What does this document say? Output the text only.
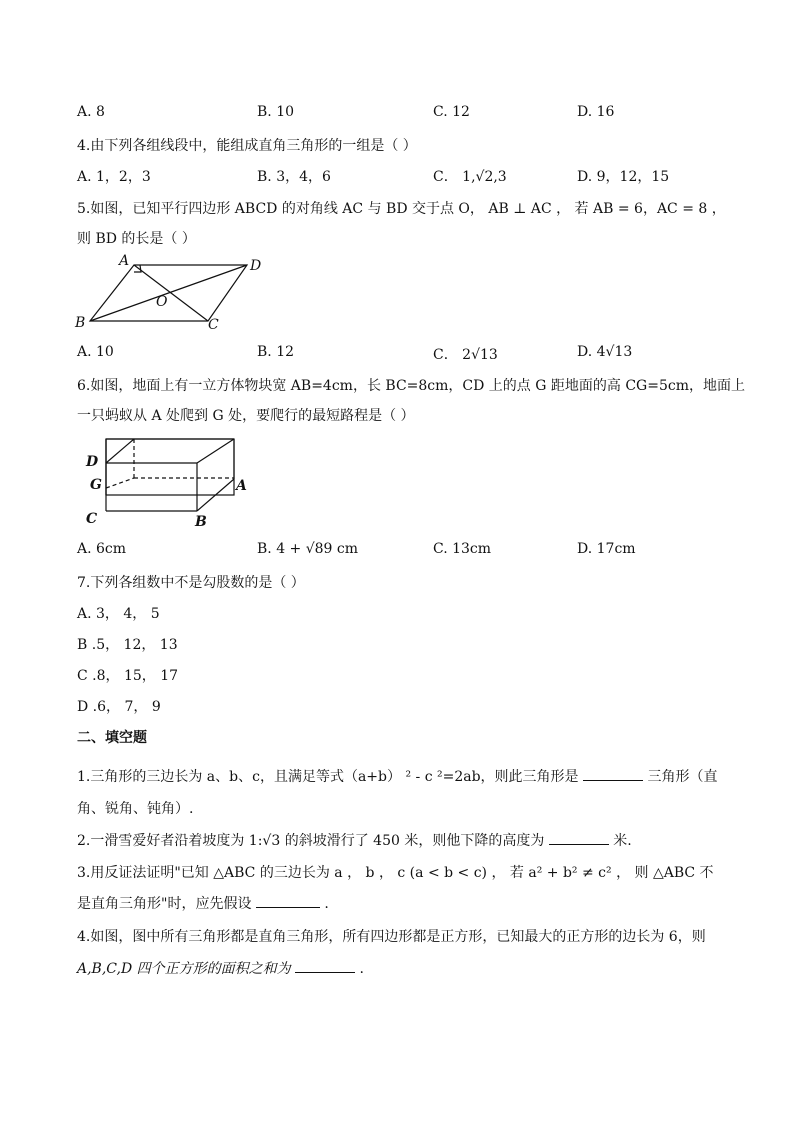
A. 8	B. 10	C. 12	D. 16
4.由下列各组线段中，能组成直角三角形的一组是（ ）
A. 1，2，3	B. 3，4，6	C． 1,√2,3	D. 9，12，15
5.如图，已知平行四边形 ABCD 的对角线 AC 与 BD 交于点 O， AB ⊥ AC ， 若 AB = 6，AC = 8 ，
则 BD 的长是（ ）
A	D
B	C
O
A. 10	B. 12	C． 2√13	D. 4√13
6.如图，地面上有一立方体物块宽 AB=4cm，长 BC=8cm，CD 上的点 G 距地面的高 CG=5cm，地面上
一只蚂蚁从 A 处爬到 G 处，要爬行的最短路程是（ ）
D
G
C
A
B
A. 6cm	B. 4 + √89 cm	C. 13cm	D. 17cm
7.下列各组数中不是勾股数的是（ ）
A. 3， 4， 5
B .5， 12， 13
C .8， 15， 17
D .6， 7， 9
二、填空题
1.三角形的三边长为 a、b、c，且满足等式（a+b） ² - c ²=2ab，则此三角形是	三角形（直
角、锐角、钝角）.
2.一滑雪爱好者沿着坡度为 1:√3 的斜坡滑行了 450 米，则他下降的高度为	米.
3.用反证法证明"已知 △ABC 的三边长为 a ， b ， c (a < b < c) ， 若 a² + b² ≠ c² ， 则 △ABC 不
是直角三角形"时，应先假设	.
4.如图，图中所有三角形都是直角三角形，所有四边形都是正方形，已知最大的正方形的边长为 6，则
A,B,C,D 四个正方形的面积之和为	.
